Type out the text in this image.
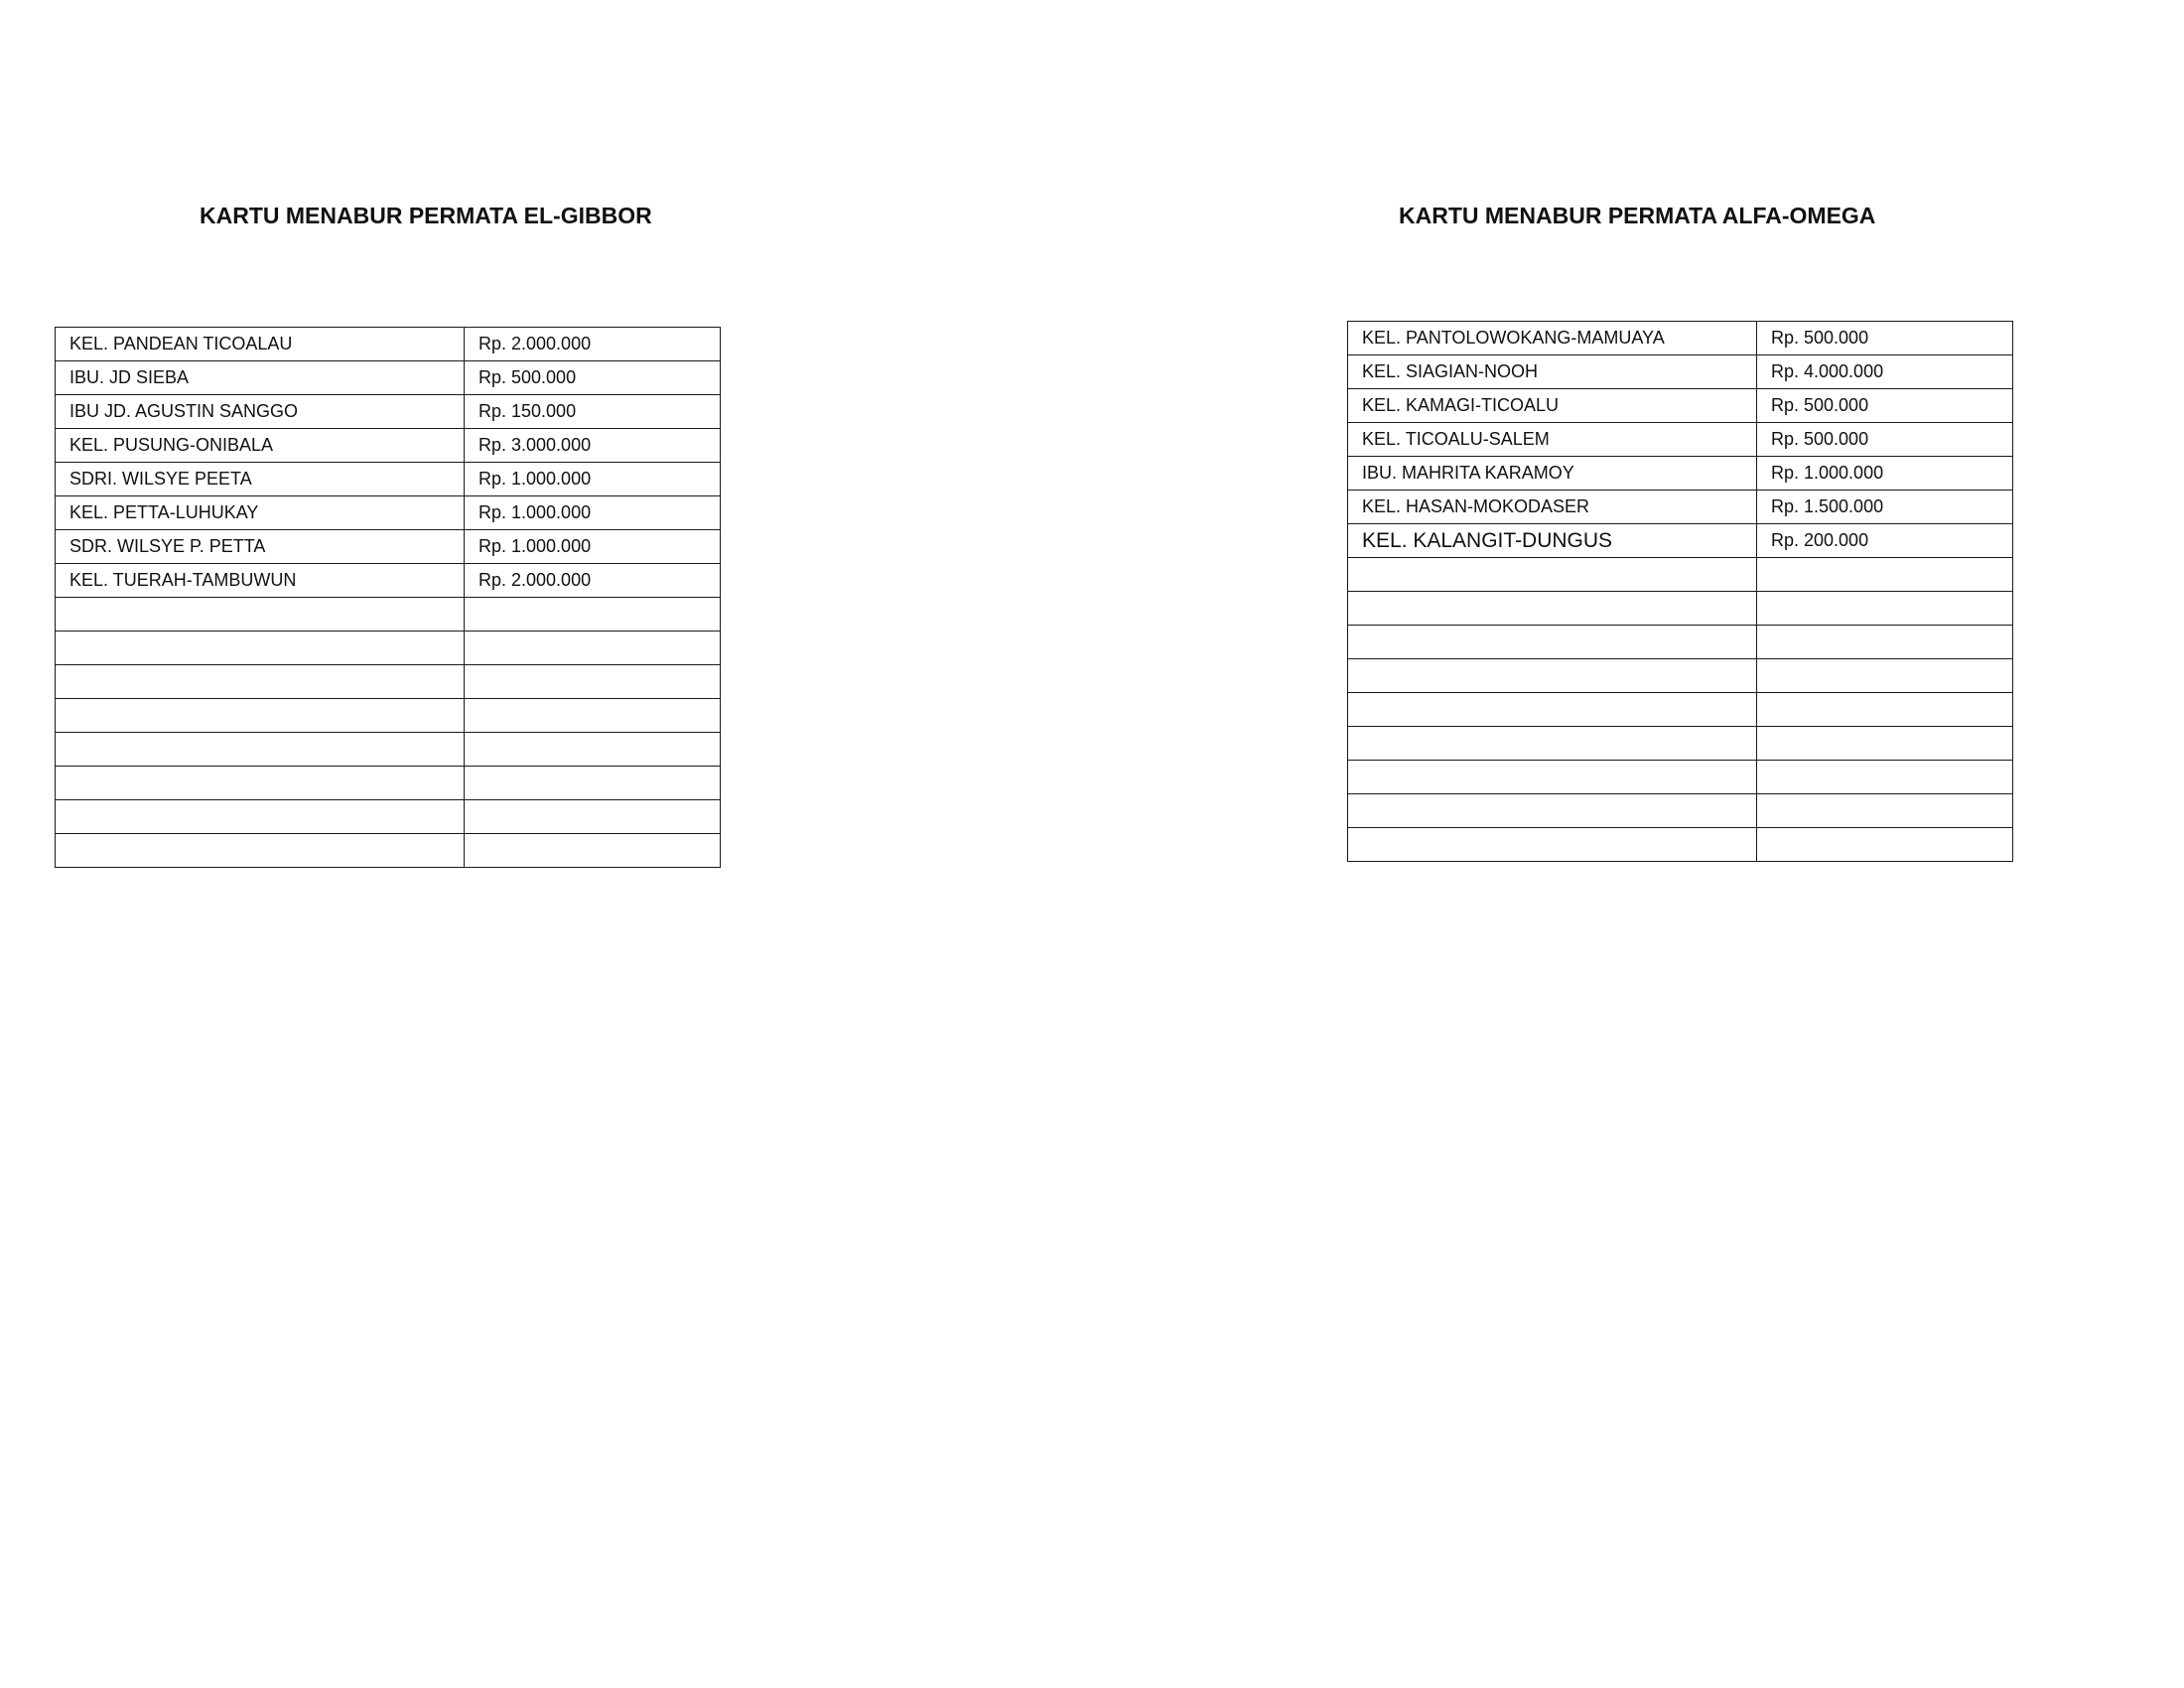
KARTU MENABUR PERMATA EL-GIBBOR
KEL. PANDEAN TICOALAU	Rp. 2.000.000
IBU. JD SIEBA	Rp. 500.000
IBU JD. AGUSTIN SANGGO	Rp. 150.000
KEL. PUSUNG-ONIBALA	Rp. 3.000.000
SDRI. WILSYE PEETA	Rp. 1.000.000
KEL. PETTA-LUHUKAY	Rp. 1.000.000
SDR. WILSYE P. PETTA	Rp. 1.000.000
KEL. TUERAH-TAMBUWUN	Rp. 2.000.000

KARTU MENABUR PERMATA ALFA-OMEGA
KEL. PANTOLOWOKANG-MAMUAYA	Rp. 500.000
KEL. SIAGIAN-NOOH	Rp. 4.000.000
KEL. KAMAGI-TICOALU	Rp. 500.000
KEL. TICOALU-SALEM	Rp. 500.000
IBU. MAHRITA KARAMOY	Rp. 1.000.000
KEL. HASAN-MOKODASER	Rp. 1.500.000
KEL. KALANGIT-DUNGUS	Rp. 200.000
